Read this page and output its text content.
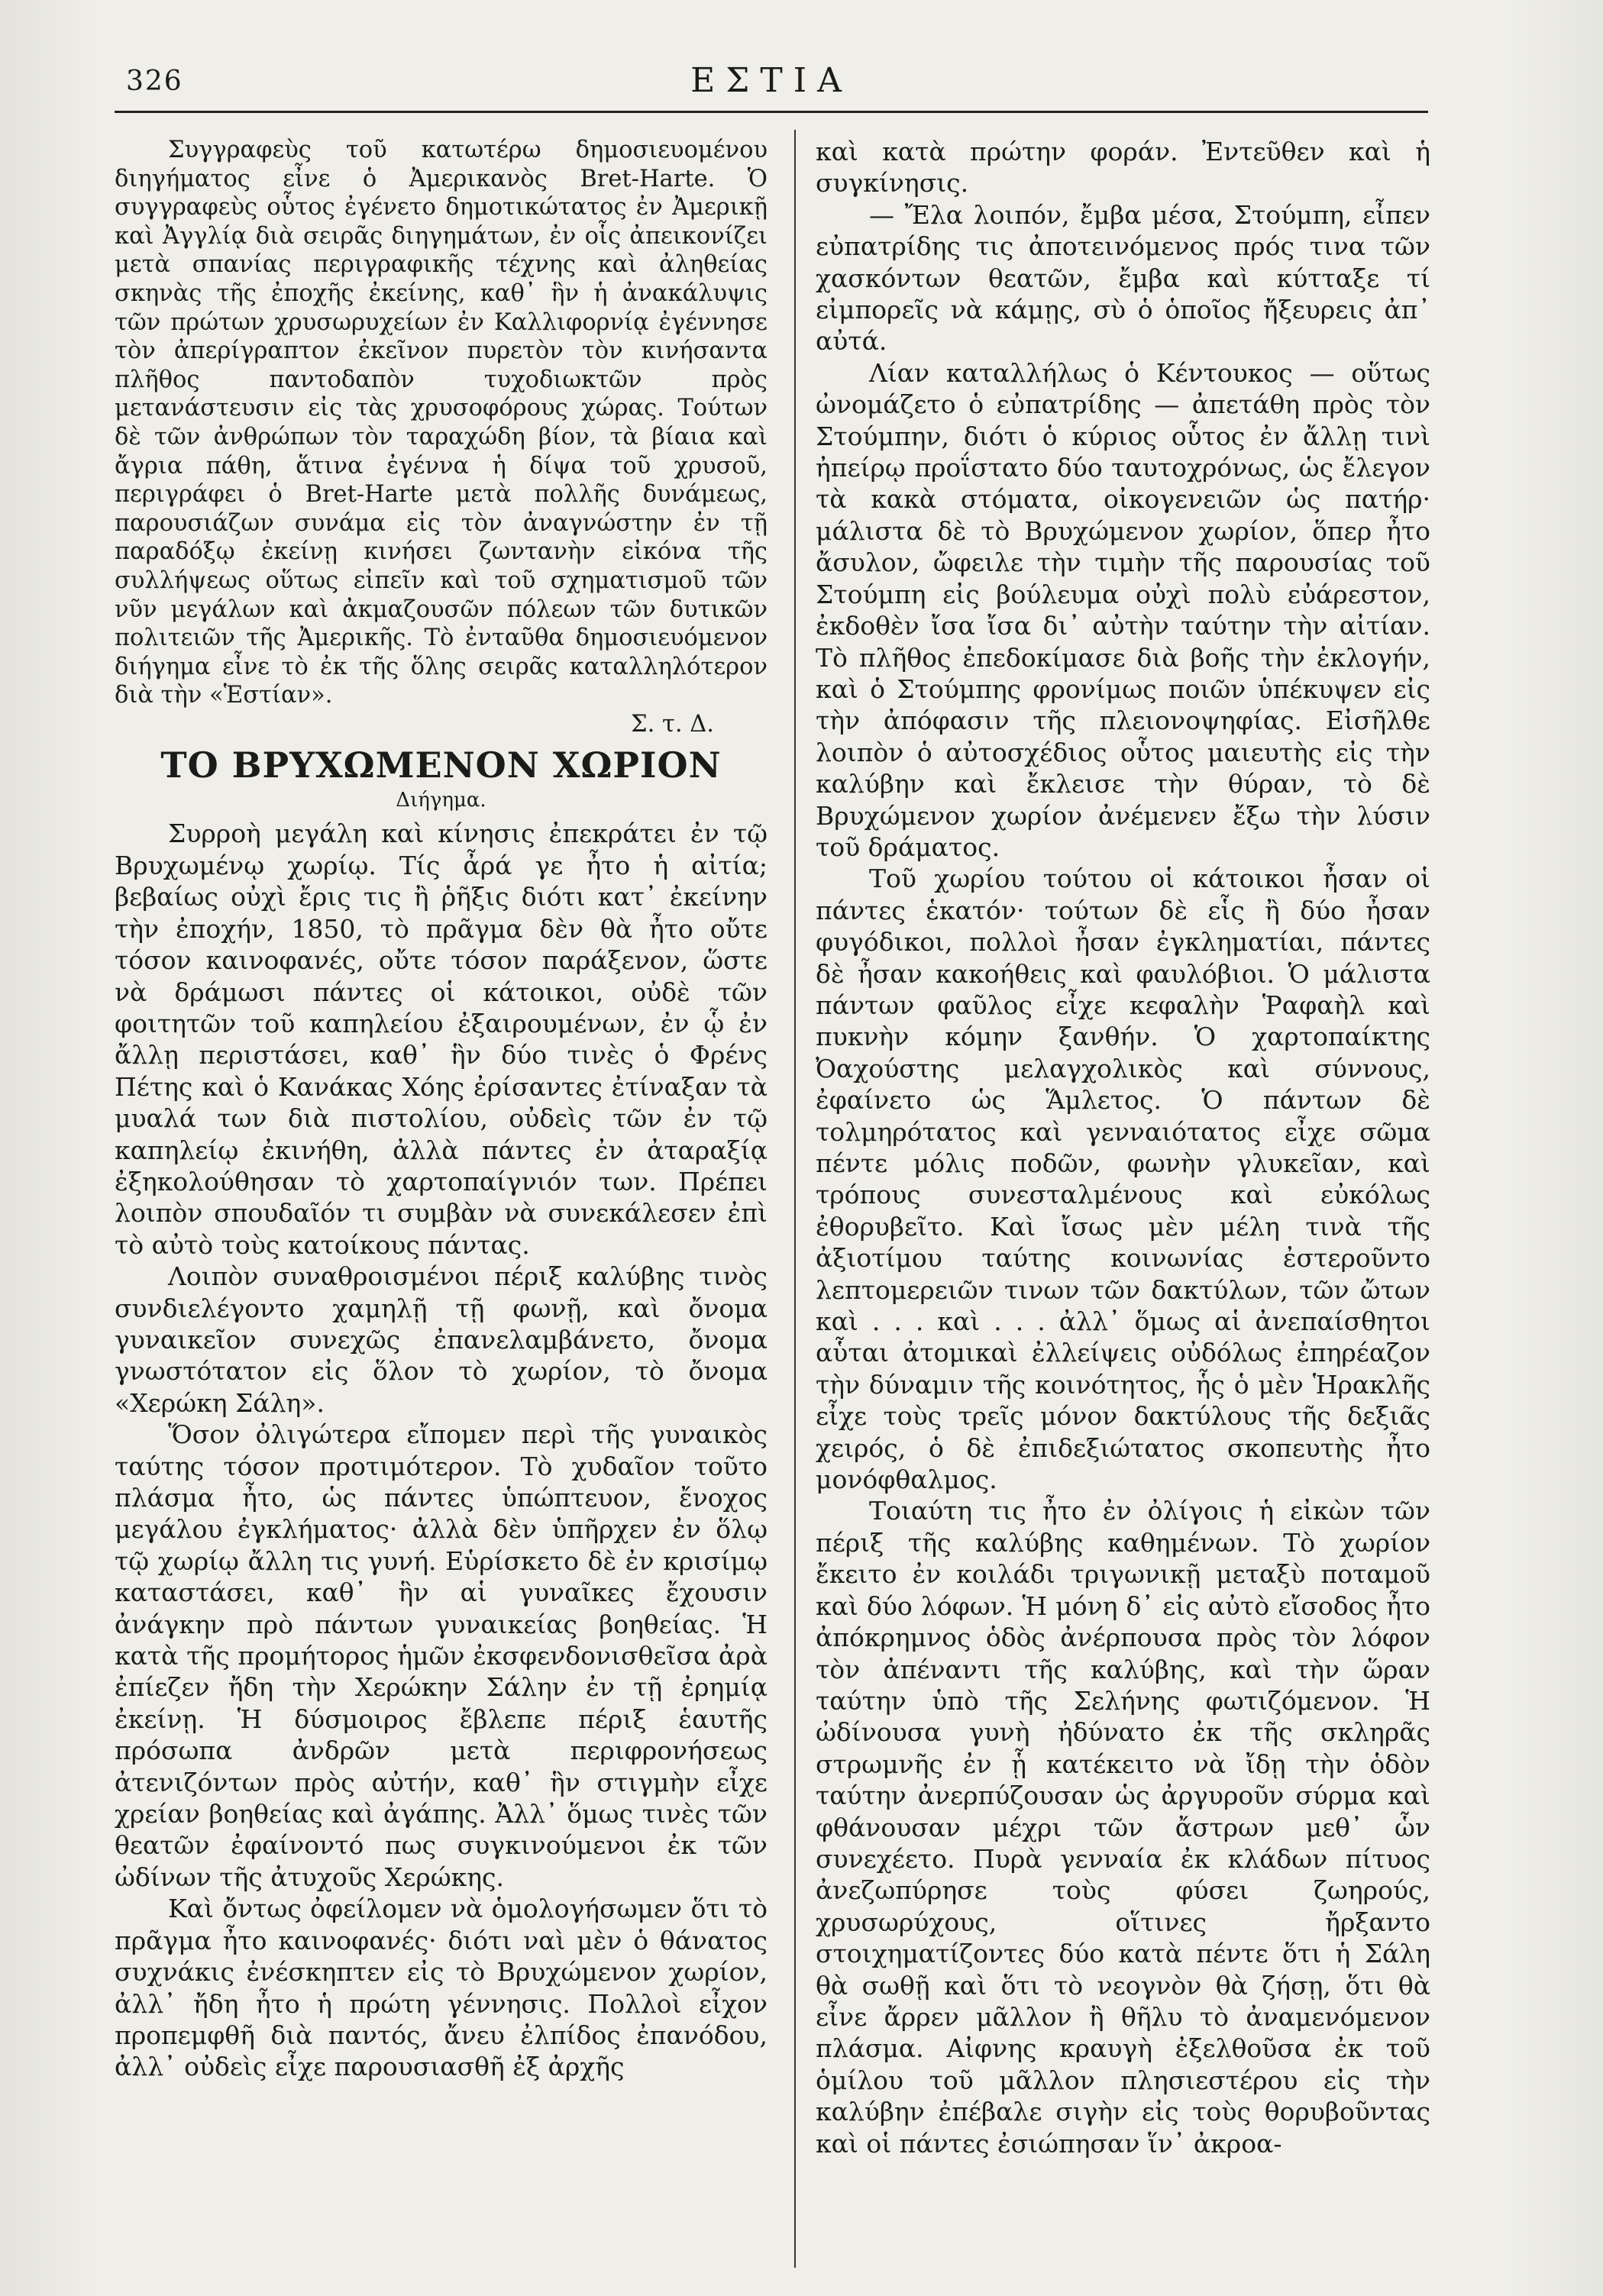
326	ΕΣΤΙΑ

Συγγραφεὺς τοῦ κατωτέρω δημοσιευομένου διηγήματος εἶνε ὁ Ἀμερικανὸς Bret-Harte. Ὁ συγγραφεὺς οὗτος ἐγένετο δημοτικώτατος ἐν Ἀμερικῇ καὶ Ἀγγλίᾳ διὰ σειρᾶς διηγημάτων, ἐν οἷς ἀπεικονίζει μετὰ σπανίας περιγραφικῆς τέχνης καὶ ἀληθείας σκηνὰς τῆς ἐποχῆς ἐκείνης, καθ᾽ ἣν ἡ ἀνακάλυψις τῶν πρώτων χρυσωρυχείων ἐν Καλλιφορνίᾳ ἐγέννησε τὸν ἀπερίγραπτον ἐκεῖνον πυρετὸν τὸν κινήσαντα πλῆθος παντοδαπὸν τυχοδιωκτῶν πρὸς μετανάστευσιν εἰς τὰς χρυσοφόρους χώρας. Τούτων δὲ τῶν ἀνθρώπων τὸν ταραχώδη βίον, τὰ βίαια καὶ ἄγρια πάθη, ἅτινα ἐγέννα ἡ δίψα τοῦ χρυσοῦ, περιγράφει ὁ Bret-Harte μετὰ πολλῆς δυνάμεως, παρουσιάζων συνάμα εἰς τὸν ἀναγνώστην ἐν τῇ παραδόξῳ ἐκείνῃ κινήσει ζωντανὴν εἰκόνα τῆς συλλήψεως οὕτως εἰπεῖν καὶ τοῦ σχηματισμοῦ τῶν νῦν μεγάλων καὶ ἀκμαζουσῶν πόλεων τῶν δυτικῶν πολιτειῶν τῆς Ἀμερικῆς. Τὸ ἐνταῦθα δημοσιευόμενον διήγημα εἶνε τὸ ἐκ τῆς ὅλης σειρᾶς καταλληλότερον διὰ τὴν «Ἑστίαν».
Σ. τ. Δ.

ΤΟ ΒΡΥΧΩΜΕΝΟΝ ΧΩΡΙΟΝ
Διήγημα.

Συρροὴ μεγάλη καὶ κίνησις ἐπεκράτει ἐν τῷ Βρυχωμένῳ χωρίῳ. Τίς ἆρά γε ἦτο ἡ αἰτία; βεβαίως οὐχὶ ἔρις τις ἢ ῥῆξις διότι κατ᾽ ἐκείνην τὴν ἐποχήν, 1850, τὸ πρᾶγμα δὲν θὰ ἦτο οὔτε τόσον καινοφανές, οὔτε τόσον παράξενον, ὥστε νὰ δράμωσι πάντες οἱ κάτοικοι, οὐδὲ τῶν φοιτητῶν τοῦ καπηλείου ἐξαιρουμένων, ἐν ᾧ ἐν ἄλλῃ περιστάσει, καθ᾽ ἣν δύο τινὲς ὁ Φρένς Πέτης καὶ ὁ Κανάκας Χόης ἐρίσαντες ἐτίναξαν τὰ μυαλά των διὰ πιστολίου, οὐδεὶς τῶν ἐν τῷ καπηλείῳ ἐκινήθη, ἀλλὰ πάντες ἐν ἀταραξίᾳ ἐξηκολούθησαν τὸ χαρτοπαίγνιόν των. Πρέπει λοιπὸν σπουδαῖόν τι συμβὰν νὰ συνεκάλεσεν ἐπὶ τὸ αὐτὸ τοὺς κατοίκους πάντας.

Λοιπὸν συναθροισμένοι πέριξ καλύβης τινὸς συνδιελέγοντο χαμηλῇ τῇ φωνῇ, καὶ ὄνομα γυναικεῖον συνεχῶς ἐπανελαμβάνετο, ὄνομα γνωστότατον εἰς ὅλον τὸ χωρίον, τὸ ὄνομα «Χερώκη Σάλη».

Ὅσον ὀλιγώτερα εἴπομεν περὶ τῆς γυναικὸς ταύτης τόσον προτιμότερον. Τὸ χυδαῖον τοῦτο πλάσμα ἦτο, ὡς πάντες ὑπώπτευον, ἔνοχος μεγάλου ἐγκλήματος· ἀλλὰ δὲν ὑπῆρχεν ἐν ὅλῳ τῷ χωρίῳ ἄλλη τις γυνή. Εὑρίσκετο δὲ ἐν κρισίμῳ καταστάσει, καθ᾽ ἣν αἱ γυναῖκες ἔχουσιν ἀνάγκην πρὸ πάντων γυναικείας βοηθείας. Ἡ κατὰ τῆς προμήτορος ἡμῶν ἐκσφενδονισθεῖσα ἀρὰ ἐπίεζεν ἤδη τὴν Χερώκην Σάλην ἐν τῇ ἐρημίᾳ ἐκείνῃ. Ἡ δύσμοιρος ἔβλεπε πέριξ ἑαυτῆς πρόσωπα ἀνδρῶν μετὰ περιφρονήσεως ἀτενιζόντων πρὸς αὐτήν, καθ᾽ ἣν στιγμὴν εἶχε χρείαν βοηθείας καὶ ἀγάπης. Ἀλλ᾽ ὅμως τινὲς τῶν θεατῶν ἐφαίνοντό πως συγκινούμενοι ἐκ τῶν ὠδίνων τῆς ἀτυχοῦς Χερώκης.

Καὶ ὄντως ὀφείλομεν νὰ ὁμολογήσωμεν ὅτι τὸ πρᾶγμα ἦτο καινοφανές· διότι ναὶ μὲν ὁ θάνατος συχνάκις ἐνέσκηπτεν εἰς τὸ Βρυχώμενον χωρίον, ἀλλ᾽ ἤδη ἦτο ἡ πρώτη γέννησις. Πολλοὶ εἶχον προπεμφθῆ διὰ παντός, ἄνευ ἐλπίδος ἐπανόδου, ἀλλ᾽ οὐδεὶς εἶχε παρουσιασθῆ ἐξ ἀρχῆς

καὶ κατὰ πρώτην φοράν. Ἐντεῦθεν καὶ ἡ συγκίνησις.

— Ἔλα λοιπόν, ἔμβα μέσα, Στούμπη, εἶπεν εὐπατρίδης τις ἀποτεινόμενος πρός τινα τῶν χασκόντων θεατῶν, ἔμβα καὶ κύτταξε τί εἰμπορεῖς νὰ κάμῃς, σὺ ὁ ὁποῖος ἤξευρεις ἀπ᾽ αὐτά.

Λίαν καταλλήλως ὁ Κέντουκος — οὕτως ὠνομάζετο ὁ εὐπατρίδης — ἀπετάθη πρὸς τὸν Στούμπην, διότι ὁ κύριος οὗτος ἐν ἄλλῃ τινὶ ἠπείρῳ προΐστατο δύο ταυτοχρόνως, ὡς ἔλεγον τὰ κακὰ στόματα, οἰκογενειῶν ὡς πατήρ· μάλιστα δὲ τὸ Βρυχώμενον χωρίον, ὅπερ ἦτο ἄσυλον, ὤφειλε τὴν τιμὴν τῆς παρουσίας τοῦ Στούμπη εἰς βούλευμα οὐχὶ πολὺ εὐάρεστον, ἐκδοθὲν ἴσα ἴσα δι᾽ αὐτὴν ταύτην τὴν αἰτίαν. Τὸ πλῆθος ἐπεδοκίμασε διὰ βοῆς τὴν ἐκλογήν, καὶ ὁ Στούμπης φρονίμως ποιῶν ὑπέκυψεν εἰς τὴν ἀπόφασιν τῆς πλειονοψηφίας. Εἰσῆλθε λοιπὸν ὁ αὐτοσχέδιος οὗτος μαιευτὴς εἰς τὴν καλύβην καὶ ἔκλεισε τὴν θύραν, τὸ δὲ Βρυχώμενον χωρίον ἀνέμενεν ἔξω τὴν λύσιν τοῦ δράματος.

Τοῦ χωρίου τούτου οἱ κάτοικοι ἦσαν οἱ πάντες ἑκατόν· τούτων δὲ εἷς ἢ δύο ἦσαν φυγόδικοι, πολλοὶ ἦσαν ἐγκληματίαι, πάντες δὲ ἦσαν κακοήθεις καὶ φαυλόβιοι. Ὁ μάλιστα πάντων φαῦλος εἶχε κεφαλὴν Ῥαφαὴλ καὶ πυκνὴν κόμην ξανθήν. Ὁ χαρτοπαίκτης Ὀαχούστης μελαγχολικὸς καὶ σύννους, ἐφαίνετο ὡς Ἅμλετος. Ὁ πάντων δὲ τολμηρότατος καὶ γενναιότατος εἶχε σῶμα πέντε μόλις ποδῶν, φωνὴν γλυκεῖαν, καὶ τρόπους συνεσταλμένους καὶ εὐκόλως ἐθορυβεῖτο. Καὶ ἴσως μὲν μέλη τινὰ τῆς ἀξιοτίμου ταύτης κοινωνίας ἐστεροῦντο λεπτομερειῶν τινων τῶν δακτύλων, τῶν ὤτων καὶ . . . καὶ . . . ἀλλ᾽ ὅμως αἱ ἀνεπαίσθητοι αὗται ἀτομικαὶ ἐλλείψεις οὐδόλως ἐπηρέαζον τὴν δύναμιν τῆς κοινότητος, ἧς ὁ μὲν Ἡρακλῆς εἶχε τοὺς τρεῖς μόνον δακτύλους τῆς δεξιᾶς χειρός, ὁ δὲ ἐπιδεξιώτατος σκοπευτὴς ἦτο μονόφθαλμος.

Τοιαύτη τις ἦτο ἐν ὀλίγοις ἡ εἰκὼν τῶν πέριξ τῆς καλύβης καθημένων. Τὸ χωρίον ἔκειτο ἐν κοιλάδι τριγωνικῇ μεταξὺ ποταμοῦ καὶ δύο λόφων. Ἡ μόνη δ᾽ εἰς αὐτὸ εἴσοδος ἦτο ἀπόκρημνος ὁδὸς ἀνέρπουσα πρὸς τὸν λόφον τὸν ἀπέναντι τῆς καλύβης, καὶ τὴν ὥραν ταύτην ὑπὸ τῆς Σελήνης φωτιζόμενον. Ἡ ὠδίνουσα γυνὴ ἠδύνατο ἐκ τῆς σκληρᾶς στρωμνῆς ἐν ᾗ κατέκειτο νὰ ἴδῃ τὴν ὁδὸν ταύτην ἀνερπύζουσαν ὡς ἀργυροῦν σύρμα καὶ φθάνουσαν μέχρι τῶν ἄστρων μεθ᾽ ὧν συνεχέετο. Πυρὰ γενναία ἐκ κλάδων πίτυος ἀνεζωπύρησε τοὺς φύσει ζωηρούς, χρυσωρύχους, οἵτινες ἤρξαντο στοιχηματίζοντες δύο κατὰ πέντε ὅτι ἡ Σάλη θὰ σωθῇ καὶ ὅτι τὸ νεογνὸν θὰ ζήσῃ, ὅτι θὰ εἶνε ἄρρεν μᾶλλον ἢ θῆλυ τὸ ἀναμενόμενον πλάσμα. Αἰφνης κραυγὴ ἐξελθοῦσα ἐκ τοῦ ὁμίλου τοῦ μᾶλλον πλησιεστέρου εἰς τὴν καλύβην ἐπέβαλε σιγὴν εἰς τοὺς θορυβοῦντας καὶ οἱ πάντες ἐσιώπησαν ἵν᾽ ἀκροα-
